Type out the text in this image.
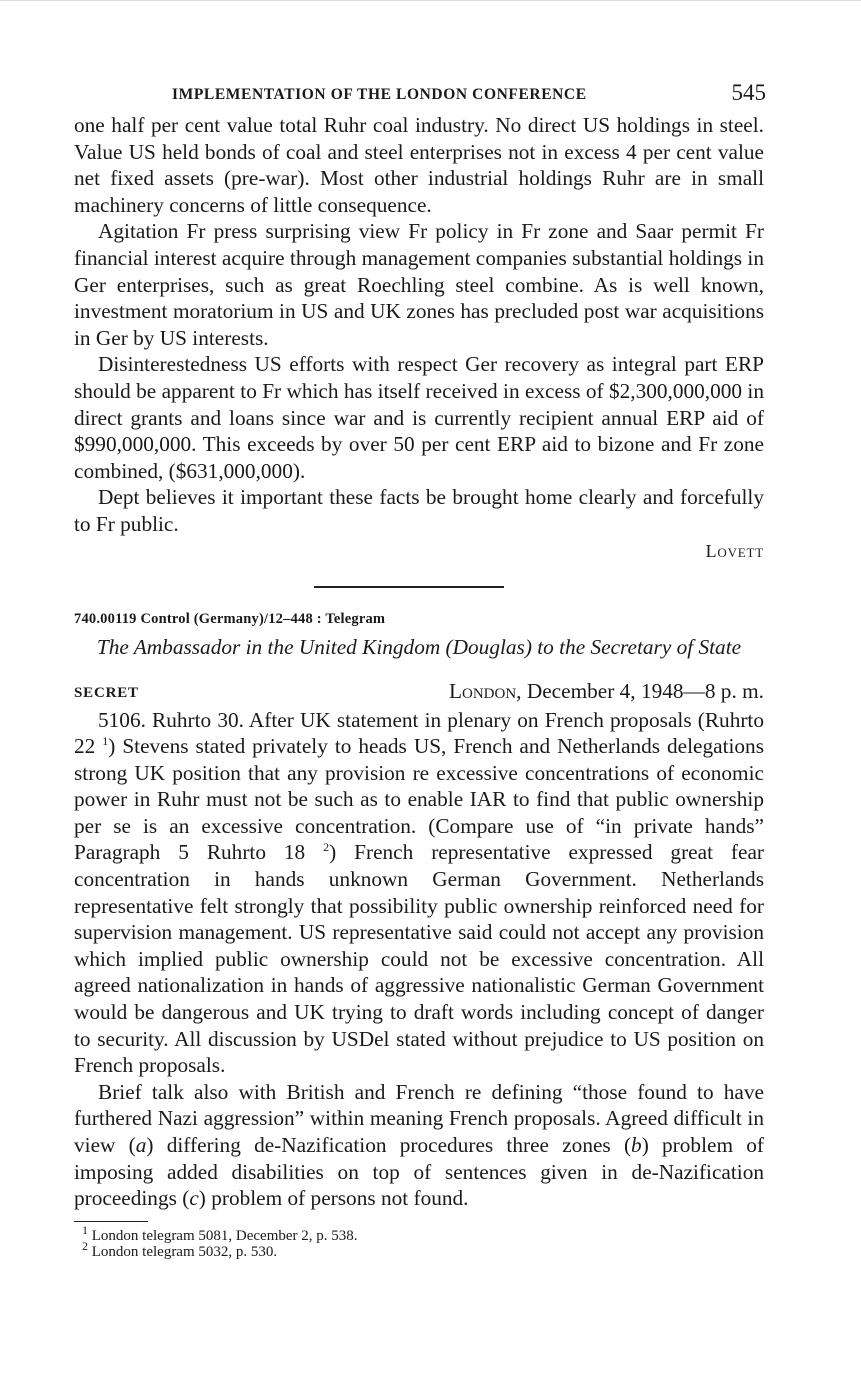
IMPLEMENTATION OF THE LONDON CONFERENCE	545

one half per cent value total Ruhr coal industry. No direct US holdings in steel. Value US held bonds of coal and steel enterprises not in excess 4 per cent value net fixed assets (pre-war). Most other industrial holdings Ruhr are in small machinery concerns of little consequence.

Agitation Fr press surprising view Fr policy in Fr zone and Saar permit Fr financial interest acquire through management companies substantial holdings in Ger enterprises, such as great Roechling steel combine. As is well known, investment moratorium in US and UK zones has precluded post war acquisitions in Ger by US interests.

Disinterestedness US efforts with respect Ger recovery as integral part ERP should be apparent to Fr which has itself received in excess of $2,300,000,000 in direct grants and loans since war and is currently recipient annual ERP aid of $990,000,000. This exceeds by over 50 per cent ERP aid to bizone and Fr zone combined, ($631,000,000).

Dept believes it important these facts be brought home clearly and forcefully to Fr public.

Lovett
740.00119 Control (Germany)/12–448 : Telegram
The Ambassador in the United Kingdom (Douglas) to the Secretary of State
SECRET	London, December 4, 1948—8 p. m.

5106. Ruhrto 30. After UK statement in plenary on French proposals (Ruhrto 22 $^1$) Stevens stated privately to heads US, French and Netherlands delegations strong UK position that any provision re excessive concentrations of economic power in Ruhr must not be such as to enable IAR to find that public ownership per se is an excessive concentration. (Compare use of “in private hands” Paragraph 5 Ruhrto 18 $^2$) French representative expressed great fear concentration in hands unknown German Government. Netherlands representative felt strongly that possibility public ownership reinforced need for supervision management. US representative said could not accept any provision which implied public ownership could not be excessive concentration. All agreed nationalization in hands of aggressive nationalistic German Government would be dangerous and UK trying to draft words including concept of danger to security. All discussion by USDel stated without prejudice to US position on French proposals.

Brief talk also with British and French re defining “those found to have furthered Nazi aggression” within meaning French proposals. Agreed difficult in view (a) differing de-Nazification procedures three zones (b) problem of imposing added disabilities on top of sentences given in de-Nazification proceedings (c) problem of persons not found.

$^1$ London telegram 5081, December 2, p. 538.
$^2$ London telegram 5032, p. 530.
